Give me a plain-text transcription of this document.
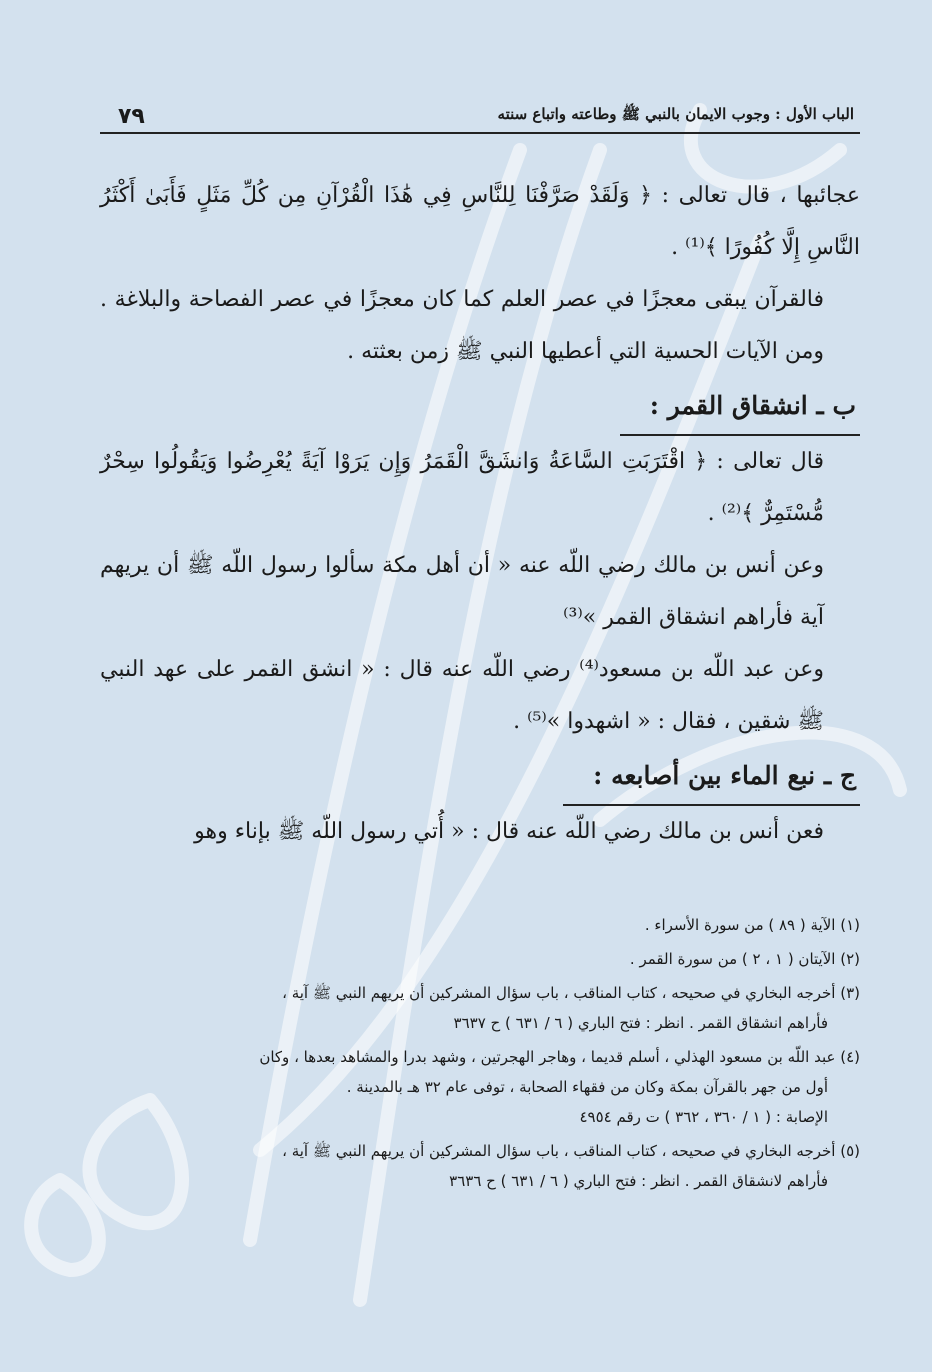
الباب الأول : وجوب الايمان بالنبي ﷺ وطاعته واتباع سنته
٧٩

عجائبها ، قال تعالى : ﴿ وَلَقَدْ صَرَّفْنَا لِلنَّاسِ فِي هَٰذَا الْقُرْآنِ مِن كُلِّ مَثَلٍ فَأَبَىٰ أَكْثَرُ النَّاسِ إِلَّا كُفُورًا ﴾⁽¹⁾ .

فالقرآن يبقى معجزًا في عصر العلم كما كان معجزًا في عصر الفصاحة والبلاغة . ومن الآيات الحسية التي أعطيها النبي ﷺ زمن بعثته .

ب ـ انشقاق القمر :

قال تعالى : ﴿ اقْتَرَبَتِ السَّاعَةُ وَانشَقَّ الْقَمَرُ وَإِن يَرَوْا آيَةً يُعْرِضُوا وَيَقُولُوا سِحْرٌ مُّسْتَمِرٌّ ﴾⁽²⁾ .

وعن أنس بن مالك رضي اللّه عنه « أن أهل مكة سألوا رسول اللّه ﷺ أن يريهم آية فأراهم انشقاق القمر »⁽³⁾

وعن عبد اللّه بن مسعود⁽⁴⁾ رضي اللّه عنه قال : « انشق القمر على عهد النبي ﷺ شقين ، فقال : « اشهدوا »⁽⁵⁾ .

ج ـ نبع الماء بين أصابعه :

فعن أنس بن مالك رضي اللّه عنه قال : « أُتي رسول اللّه ﷺ بإناء وهو

(١) الآية ( ٨٩ ) من سورة الأسراء .

(٢) الآيتان ( ١ ، ٢ ) من سورة القمر .

(٣) أخرجه البخاري في صحيحه ، كتاب المناقب ، باب سؤال المشركين أن يريهم النبي ﷺ آية ،
فأراهم انشقاق القمر . انظر : فتح الباري ( ٦ / ٦٣١ ) ح ٣٦٣٧

(٤) عبد اللّه بن مسعود الهذلي ، أسلم قديما ، وهاجر الهجرتين ، وشهد بدرا والمشاهد بعدها ، وكان
أول من جهر بالقرآن بمكة وكان من فقهاء الصحابة ، توفى عام ٣٢ هـ بالمدينة .
الإصابة : ( ١ / ٣٦٠ ، ٣٦٢ ) ت رقم ٤٩٥٤

(٥) أخرجه البخاري في صحيحه ، كتاب المناقب ، باب سؤال المشركين أن يريهم النبي ﷺ آية ،
فأراهم لانشقاق القمر . انظر : فتح الباري ( ٦ / ٦٣١ ) ح ٣٦٣٦
